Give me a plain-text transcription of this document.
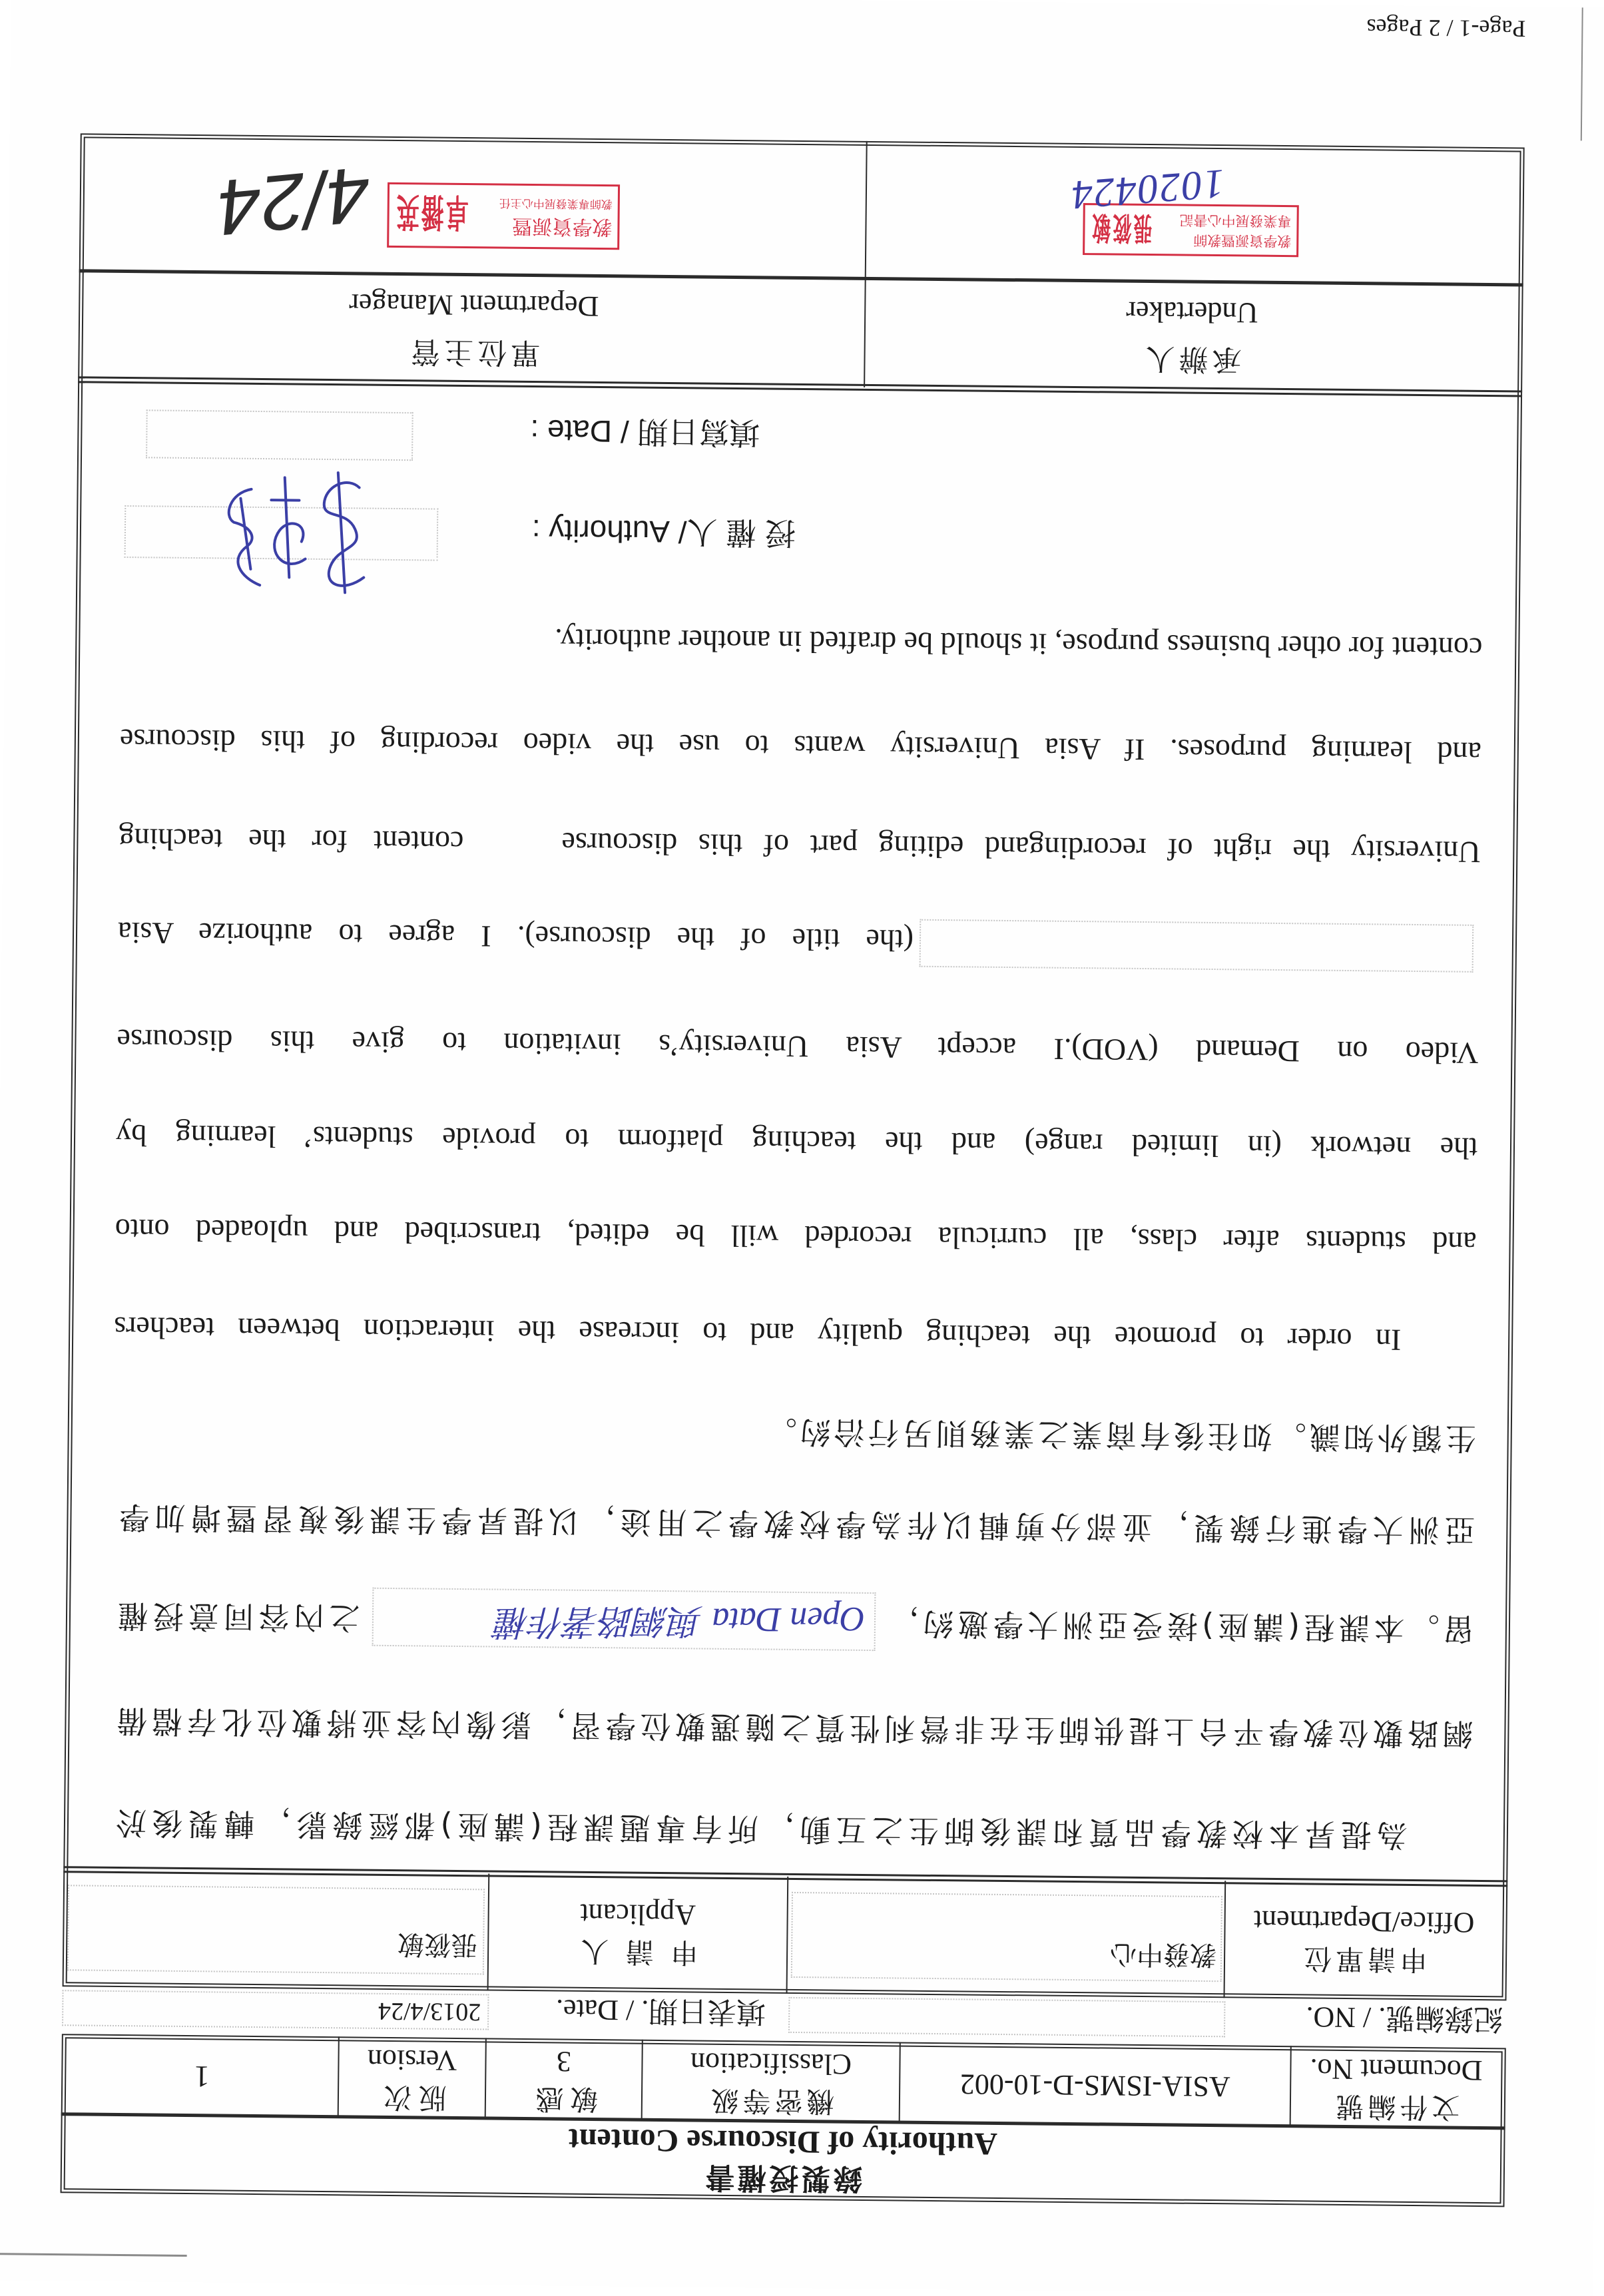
錄製授權書
Authority of Discourse Content
文件編號
Document No.
ASIA-ISMS-D-10-002
機密等級
Classification
敏感
3
版次
Version
1
紀錄編號. / NO.
填表日期. / Date.
2013/4/24
申請單位
Office/Department
教發中心
申 請 人
Applicant
張筱敏
為提昇本校教學品質和課後師生之互動，所有專題課程(講座)都經錄影，轉製後於
網路數位教學平台上提供師生在非營利性質之隨選數位學習，影像內容並將數位化存檔備
留。本課程(講座)接受亞洲大學邀約，
Open Data 與網路著作權
之內容同意授權
亞洲大學進行錄製，並部分剪輯以作為學校教學之用途，以提昇學生課後複習暨增加學
生額外知識。如往後有商業之業務則另行洽約。
In order to promote the teaching quality and to increase the interaction between teachers
and students after class, all curricula recorded will be edited, transcribed and uploaded onto
the network (in limited range) and the teaching platform to provide students’ learning by
Video on Demand (VOD).I accept Asia University’s invitation to give this discourse
(the title of the discourse). I agree to authorize Asia
University the right of recordingand editing part of this discourse
content for the teaching
and learning purposes. If Asia University wants to use the video recording of this discourse
content for other business purpose, it should be drafted in another authority.
授 權 人/ Authority :
填寫日期 / Date :
承辦人
Undertaker
單位主管
Department Manager
教學資源暨教師
專業發展中心書記
張筱敏
1020424
教學資源暨
教師專業發展中心主任
卓播英
4/24
Page-1 / 2 Pages
